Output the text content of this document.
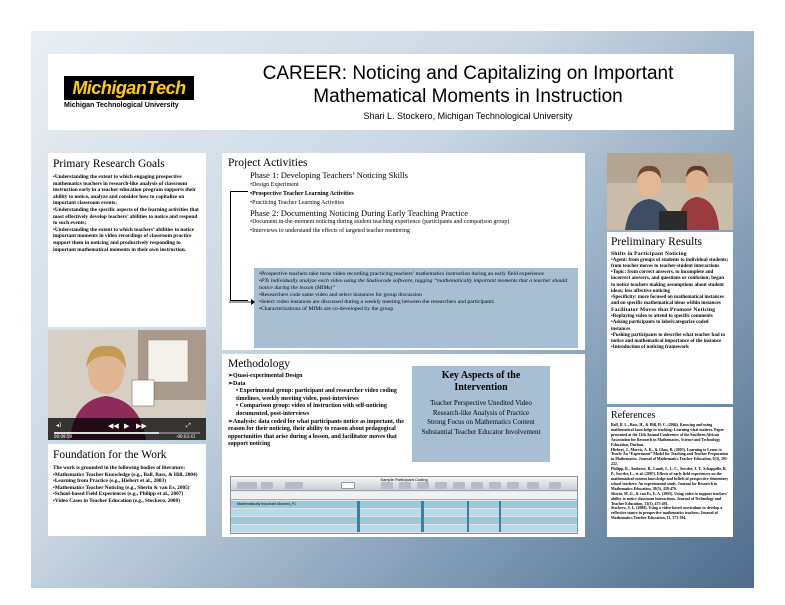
MichiganTech
Michigan Technological University
CAREER: Noticing and Capitalizing on Important
Mathematical Moments in Instruction
Shari L. Stockero, Michigan Technological University
Primary Research Goals

•Understanding the extent to which engaging prospective mathematics teachers in research-like analysis of classroom instruction early in a teacher education program supports their ability to notice, analyze and consider how to capitalize on important classroom events;

•Understanding the specific aspects of the learning activities that most effectively develop teachers’ abilities to notice and respond to such events;

•Understanding the extent to which teachers’ abilities to notice important moments in video recordings of classroom practice support them in noticing and productively responding to important mathematical moments in their own instruction.

◀◀ ▶ ▶▶
◂)	⤢
00:09:59	-00:03:41
Foundation for the Work

The work is grounded in the following bodies of literature:

•Mathematics Teacher Knowledge (e.g., Ball, Bass, & Hill, 2004)

•Learning from Practice (e.g., Hiebert et al., 2003)

•Mathematics Teacher Noticing (e.g., Sherin & van Es, 2005)

•School-based Field Experiences (e.g., Philipp et al., 2007)

•Video Cases in Teacher Education (e.g., Stockero, 2008)

Project Activities
Phase 1: Developing Teachers’ Noticing Skills
•Design Experiment
•Prospective Teacher Learning Activities
•Practicing Teacher Learning Activities
Phase 2: Documenting Noticing During Early Teaching Practice
•Document in-the-moment noticing during student teaching experience (participants and comparison group)
•Interviews to understand the effects of targeted teacher mentoring

•Prospective teachers take turns video recording practicing teachers’ mathematics instruction during an early field experience

•PTs individually analyze each video using the Studiocode software, tagging “mathematically important moments that a teacher should notice during the lesson (MIMs)”

•Researchers code same video and select instances for group discussion

•Select video instances are discussed during a weekly meeting between the researchers and participants

•Characterizations of MIMs are co-developed by the group

Methodology

➢Quasi-experimental Design

➢Data

• Experimental group: participant and researcher video coding timelines, weekly meeting video, post-interviews

• Comparison group: video of instruction with self-noticing documented, post-interviews

➢Analysis: data coded for what participants notice as important, the reason for their noticing, their ability to reason about pedagogical opportunities that arise during a lesson, and facilitator moves that support noticing

Key Aspects of the
Intervention
Teacher Perspective Unedited Video
Research-like Analysis of Practice
Strong Focus on Mathematics Content
Substantial Teacher Educator Involvement
Sample Participant Coding
Mathematically Important Moment_P1
Preliminary Results
Shifts in Participant Noticing

•Agent: from groups of students to individual students; from teacher moves to teacher-student interactions

•Topic: from correct answers, to incomplete and incorrect answers, and questions or confusion; began to notice teachers making assumptions about student ideas; less affective noticing

•Specificity: more focused on mathematical instances and on specific mathematical ideas within instances

Facilitator Moves that Promote Noticing

•Replaying video to attend to specific comments

•Asking participants to label/categorize coded instances

•Pushing participants to describe what teacher had to notice and mathematical importance of the instance

•Introduction of noticing framework

References

Ball, D. L., Bass, H., & Hill, H. C. (2004). Knowing and using mathematical knowledge in teaching: Learning what matters. Paper presented at the 12th Annual Conference of the Southern African Association for Research in Mathematics, Science and Technology Education, Durban.

Hiebert, J., Morris, A. K., & Glass, B. (2003). Learning to Learn to Teach: An “Experiment” Model for Teaching and Teacher Preparation in Mathematics. Journal of Mathematics Teacher Education, 6(3), 201-222.

Philipp, R., Ambrose, R., Lamb, L. L. C., Sowder, J. T., Schappelle, B. P., Sowder, L., et al. (2007). Effects of early field experiences on the mathematical content knowledge and beliefs of prospective elementary school teachers: An experimental study. Journal for Research in Mathematics Education, 38(5), 438-476.

Sherin, M. G., & van Es, E. A. (2005). Using video to support teachers’ ability to notice classroom interactions. Journal of Technology and Teacher Education, 13(3), 475-491.

Stockero, S. L. (2008). Using a video-based curriculum to develop a reflective stance in prospective mathematics teachers. Journal of Mathematics Teacher Education, 11, 373-394.
